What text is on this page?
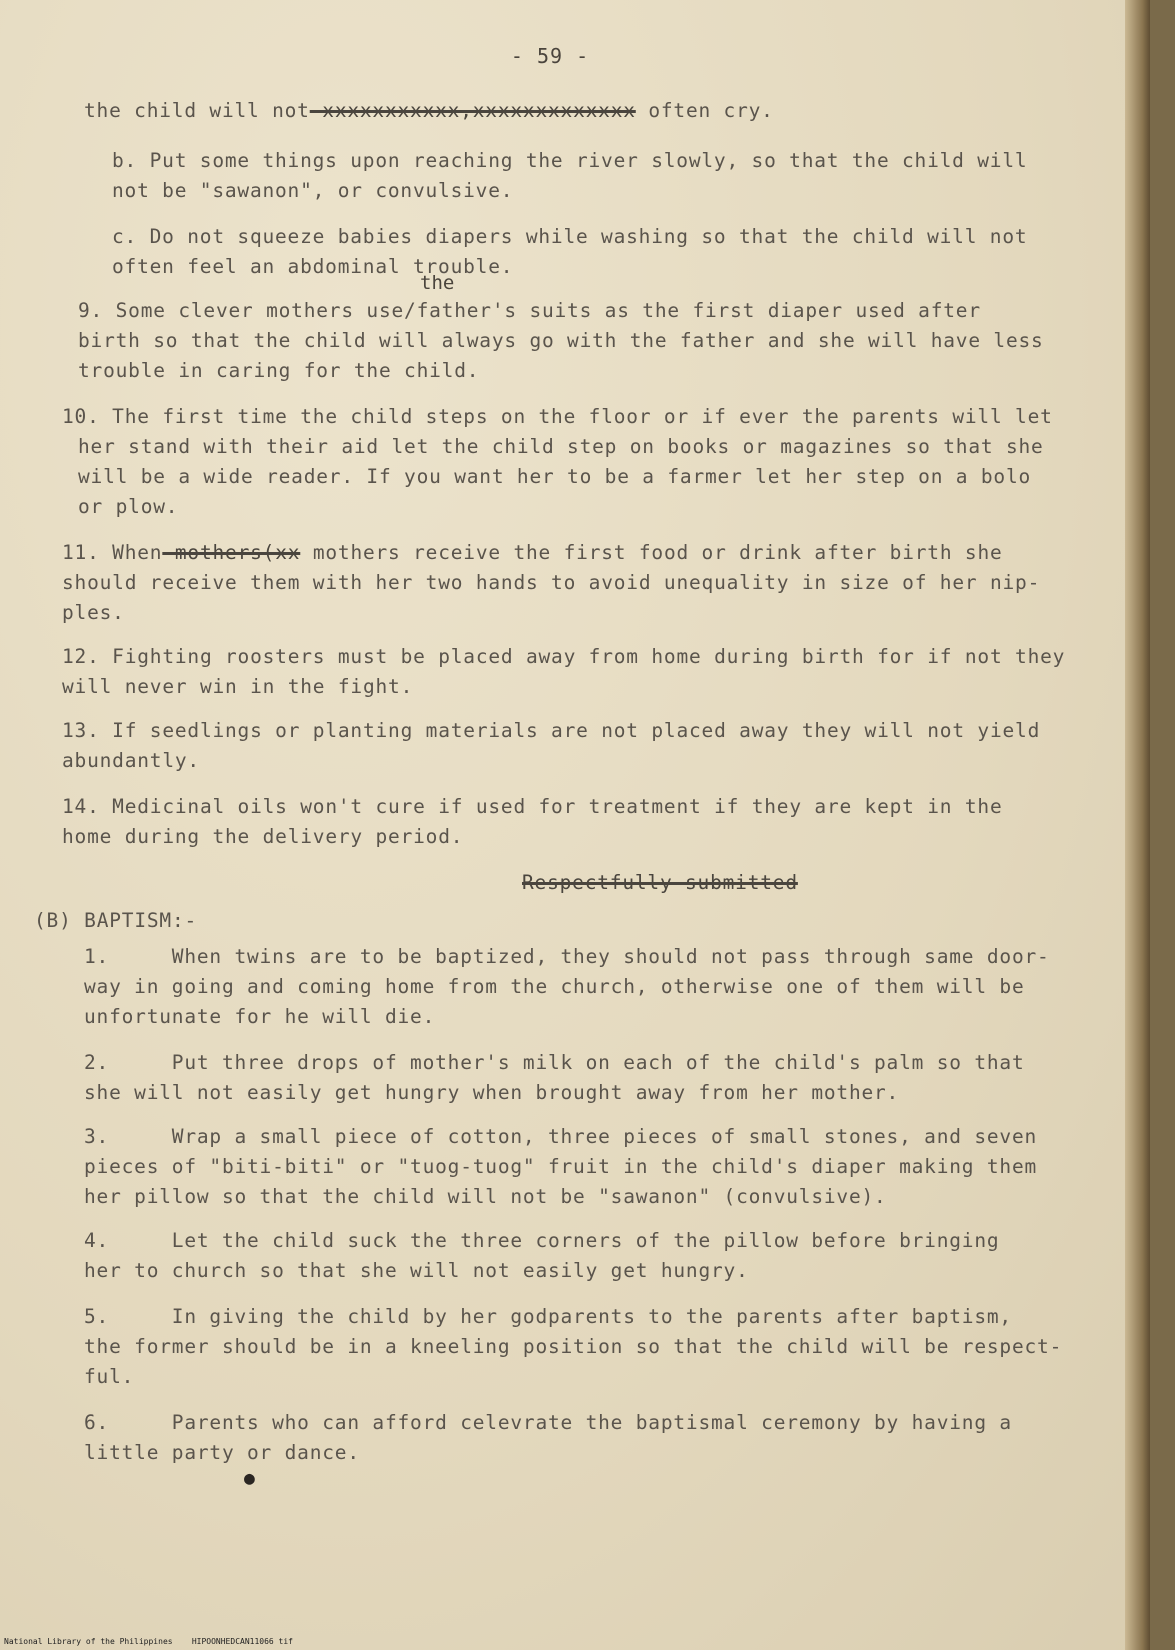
- 59 -
the
the child will not xxxxxxxxxxx,xxxxxxxxxxxxx often cry.
b. Put some things upon reaching the river slowly, so that the child will
not be "sawanon", or convulsive.
c. Do not squeeze babies diapers while washing so that the child will not
often feel an abdominal trouble.
9. Some clever mothers use/father's suits as the first diaper used after
birth so that the child will always go with the father and she will have less
trouble in caring for the child.
10. The first time the child steps on the floor or if ever the parents will let
her stand with their aid let the child step on books or magazines so that she
will be a wide reader. If you want her to be a farmer let her step on a bolo
or plow.
11. When mothers(xx mothers receive the first food or drink after birth she
should receive them with her two hands to avoid unequality in size of her nip-
ples.
12. Fighting roosters must be placed away from home during birth for if not they
will never win in the fight.
13. If seedlings or planting materials are not placed away they will not yield
abundantly.
14. Medicinal oils won't cure if used for treatment if they are kept in the
home during the delivery period.
Respectfully submitted
(B) BAPTISM:-
1.     When twins are to be baptized, they should not pass through same door-
way in going and coming home from the church, otherwise one of them will be
unfortunate for he will die.
2.     Put three drops of mother's milk on each of the child's palm so that
she will not easily get hungry when brought away from her mother.
3.     Wrap a small piece of cotton, three pieces of small stones, and seven
pieces of "biti-biti" or "tuog-tuog" fruit in the child's diaper making them
her pillow so that the child will not be "sawanon" (convulsive).
4.     Let the child suck the three corners of the pillow before bringing
her to church so that she will not easily get hungry.
5.     In giving the child by her godparents to the parents after baptism,
the former should be in a kneeling position so that the child will be respect-
ful.
6.     Parents who can afford celevrate the baptismal ceremony by having a
little party or dance.
●
National Library of the Philippines    HIPOONHEDCAN11066 tif
